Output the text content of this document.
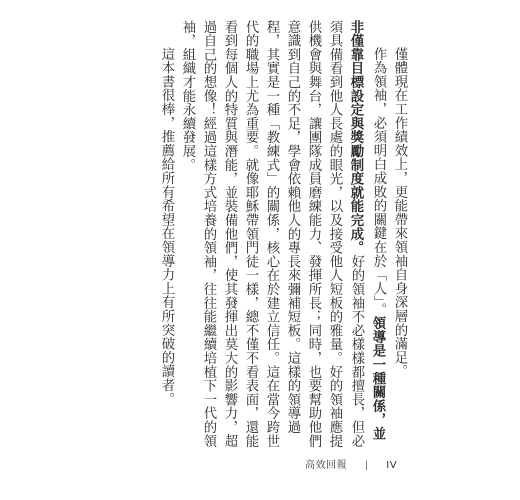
僅體現在工作績效上，更能帶來領袖自身深層的滿足。

作為領袖，必須明白成敗的關鍵在於「人」。領導是一種關係，並非僅靠目標設定與獎勵制度就能完成。好的領袖不必樣樣都擅長，但必須具備看到他人長處的眼光，以及接受他人短板的雅量。好的領袖應提供機會與舞台，讓團隊成員磨練能力、發揮所長；同時，也要幫助他們意識到自己的不足，學會依賴他人的專長來彌補短板。這樣的領導過程，其實是一種「教練式」的關係，核心在於建立信任。這在當今跨世代的職場上尤為重要。就像耶穌帶領門徒一樣，總不僅不看表面，還能看到每個人的特質與潛能，並裝備他們，使其發揮出莫大的影響力，超過自己的想像！經過這樣方式培養的領袖，往往能繼續培植下一代的領袖，組織才能永續發展。

這本書很棒，推薦給所有希望在領導力上有所突破的讀者。

高效回報 | IV
